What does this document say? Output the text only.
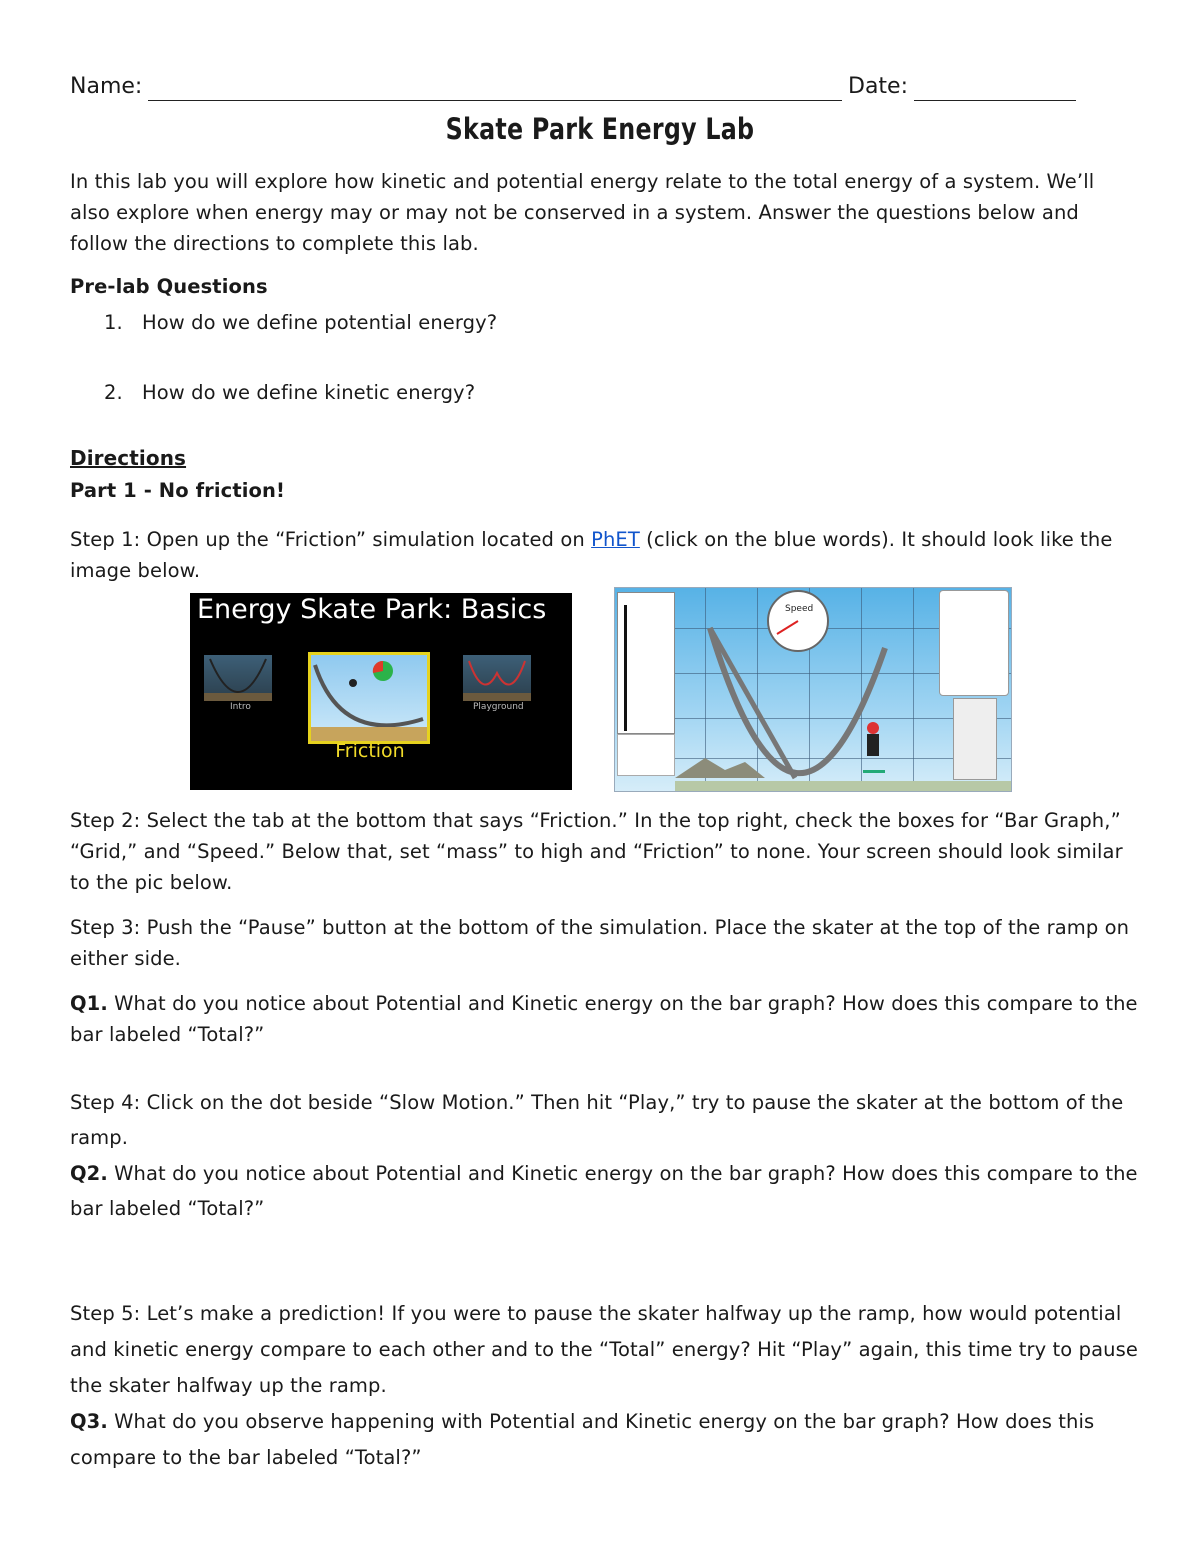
Name:	Date:
Skate Park Energy Lab

In this lab you will explore how kinetic and potential energy relate to the total energy of a system. We’ll also explore when energy may or may not be conserved in a system. Answer the questions below and follow the directions to complete this lab.

Pre-lab Questions

1. How do we define potential energy?
2. How do we define kinetic energy?

Directions

Part 1 - No friction!

Step 1: Open up the “Friction” simulation located on PhET (click on the blue words). It should look like the image below.

Energy Skate Park: Basics
Intro
Friction
Playground
Speed

Step 2: Select the tab at the bottom that says “Friction.” In the top right, check the boxes for “Bar Graph,” “Grid,” and “Speed.” Below that, set “mass” to high and “Friction” to none. Your screen should look similar to the pic below.

Step 3: Push the “Pause” button at the bottom of the simulation. Place the skater at the top of the ramp on either side.

Q1. What do you notice about Potential and Kinetic energy on the bar graph? How does this compare to the bar labeled “Total?”

Step 4: Click on the dot beside “Slow Motion.” Then hit “Play,” try to pause the skater at the bottom of the ramp.

Q2. What do you notice about Potential and Kinetic energy on the bar graph? How does this compare to the bar labeled “Total?”

Step 5: Let’s make a prediction! If you were to pause the skater halfway up the ramp, how would potential and kinetic energy compare to each other and to the “Total” energy? Hit “Play” again, this time try to pause the skater halfway up the ramp.

Q3. What do you observe happening with Potential and Kinetic energy on the bar graph? How does this compare to the bar labeled “Total?”
